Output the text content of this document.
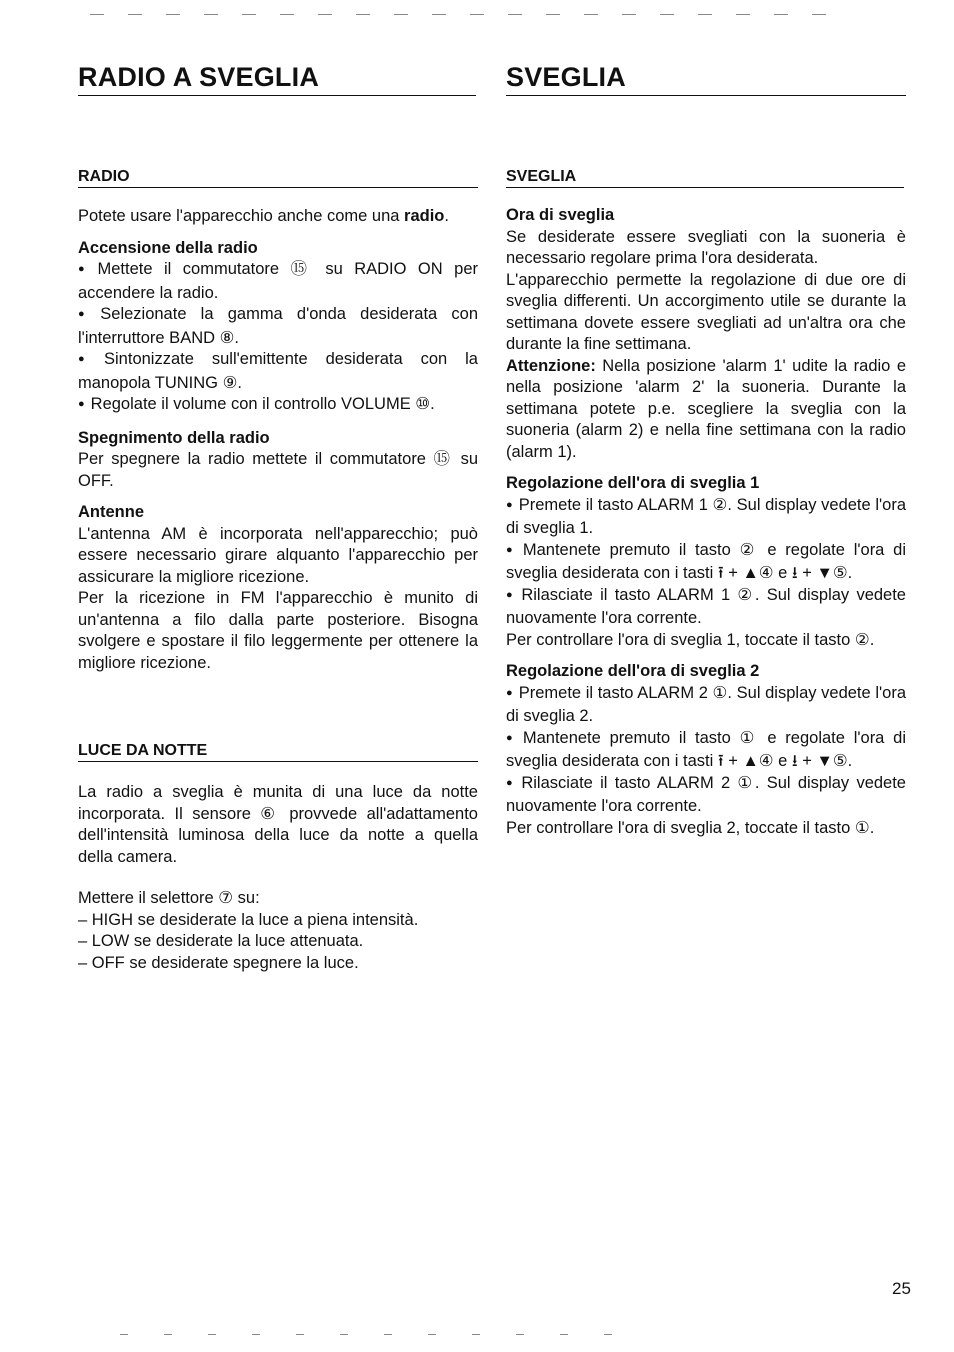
RADIO A SVEGLIA
RADIO
Potete usare l'apparecchio anche come una radio.
Accensione della radio
● Mettete il commutatore ⑮ su RADIO ON per accendere la radio.
● Selezionate la gamma d'onda desiderata con l'interruttore BAND ⑧.
● Sintonizzate sull'emittente desiderata con la manopola TUNING ⑨.
● Regolate il volume con il controllo VOLUME ⑩.
Spegnimento della radio
Per spegnere la radio mettete il commutatore ⑮ su OFF.
Antenne
L'antenna AM è incorporata nell'apparecchio; può essere necessario girare alquanto l'apparecchio per assicurare la migliore ricezione.
Per la ricezione in FM l'apparecchio è munito di un'antenna a filo dalla parte posteriore. Bisogna svolgere e spostare il filo leggermente per ottenere la migliore ricezione.
LUCE DA NOTTE
La radio a sveglia è munita di una luce da notte incorporata. Il sensore ⑥ provvede all'adattamento dell'intensità luminosa della luce da notte a quella della camera.
Mettere il selettore ⑦ su:
– HIGH se desiderate la luce a piena intensità.
– LOW se desiderate la luce attenuata.
– OFF se desiderate spegnere la luce.
SVEGLIA
SVEGLIA
Ora di sveglia
Se desiderate essere svegliati con la suoneria è necessario regolare prima l'ora desiderata.
L'apparecchio permette la regolazione di due ore di sveglia differenti. Un accorgimento utile se durante la settimana dovete essere svegliati ad un'altra ora che durante la fine settimana.
Attenzione: Nella posizione 'alarm 1' udite la radio e nella posizione 'alarm 2' la suoneria. Durante la settimana potete p.e. scegliere la sveglia con la suoneria (alarm 2) e nella fine settimana con la radio (alarm 1).
Regolazione dell'ora di sveglia 1
● Premete il tasto ALARM 1 ②. Sul display vedete l'ora di sveglia 1.
● Mantenete premuto il tasto ② e regolate l'ora di sveglia desiderata con i tasti ⭱ + ▲④ e ⭳ + ▼⑤.
● Rilasciate il tasto ALARM 1 ②. Sul display vedete nuovamente l'ora corrente.
Per controllare l'ora di sveglia 1, toccate il tasto ②.
Regolazione dell'ora di sveglia 2
● Premete il tasto ALARM 2 ①. Sul display vedete l'ora di sveglia 2.
● Mantenete premuto il tasto ① e regolate l'ora di sveglia desiderata con i tasti ⭱ + ▲④ e ⭳ + ▼⑤.
● Rilasciate il tasto ALARM 2 ①. Sul display vedete nuovamente l'ora corrente.
Per controllare l'ora di sveglia 2, toccate il tasto ①.

25
